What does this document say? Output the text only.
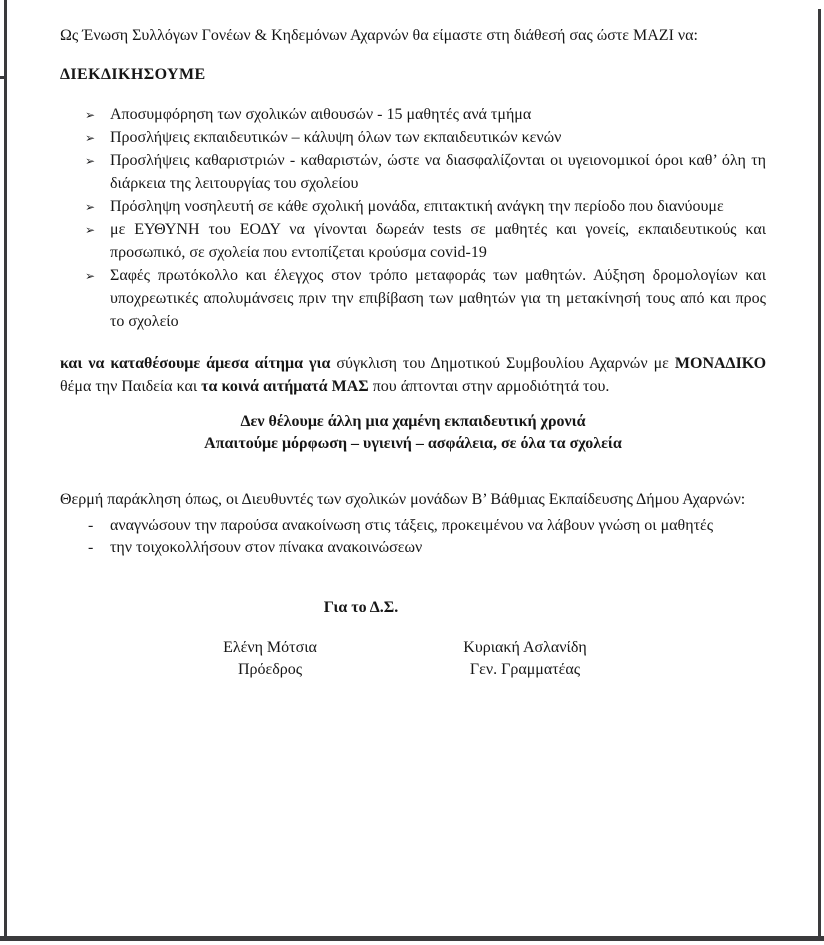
Ως Ένωση Συλλόγων Γονέων & Κηδεμόνων Αχαρνών θα είμαστε στη διάθεσή σας ώστε ΜΑΖΙ να:

ΔΙΕΚΔΙΚΗΣΟΥΜΕ

➢ Αποσυμφόρηση των σχολικών αιθουσών - 15 μαθητές ανά τμήμα
➢ Προσλήψεις εκπαιδευτικών – κάλυψη όλων των εκπαιδευτικών κενών
➢ Προσλήψεις καθαριστριών - καθαριστών, ώστε να διασφαλίζονται οι υγειονομικοί όροι καθ’ όλη τη διάρκεια της λειτουργίας του σχολείου
➢ Πρόσληψη νοσηλευτή σε κάθε σχολική μονάδα, επιτακτική ανάγκη την περίοδο που διανύουμε
➢ με ΕΥΘΥΝΗ του ΕΟΔΥ να γίνονται δωρεάν tests σε μαθητές και γονείς, εκπαιδευτικούς και προσωπικό, σε σχολεία που εντοπίζεται κρούσμα covid-19
➢ Σαφές πρωτόκολλο και έλεγχος στον τρόπο μεταφοράς των μαθητών. Αύξηση δρομολογίων και υποχρεωτικές απολυμάνσεις πριν την επιβίβαση των μαθητών για τη μετακίνησή τους από και προς το σχολείο

και να καταθέσουμε άμεσα αίτημα για σύγκλιση του Δημοτικού Συμβουλίου Αχαρνών με ΜΟΝΑΔΙΚΟ θέμα την Παιδεία και τα κοινά αιτήματά ΜΑΣ που άπτονται στην αρμοδιότητά του.

Δεν θέλουμε άλλη μια χαμένη εκπαιδευτική χρονιά
Απαιτούμε μόρφωση – υγιεινή – ασφάλεια, σε όλα τα σχολεία

Θερμή παράκληση όπως, οι Διευθυντές των σχολικών μονάδων Β’ Βάθμιας Εκπαίδευσης Δήμου Αχαρνών:

- αναγνώσουν την παρούσα ανακοίνωση στις τάξεις, προκειμένου να λάβουν γνώση οι μαθητές
- την τοιχοκολλήσουν στον πίνακα ανακοινώσεων

Για το Δ.Σ.

Ελένη Μότσια
Πρόεδρος
Κυριακή Ασλανίδη
Γεν. Γραμματέας
